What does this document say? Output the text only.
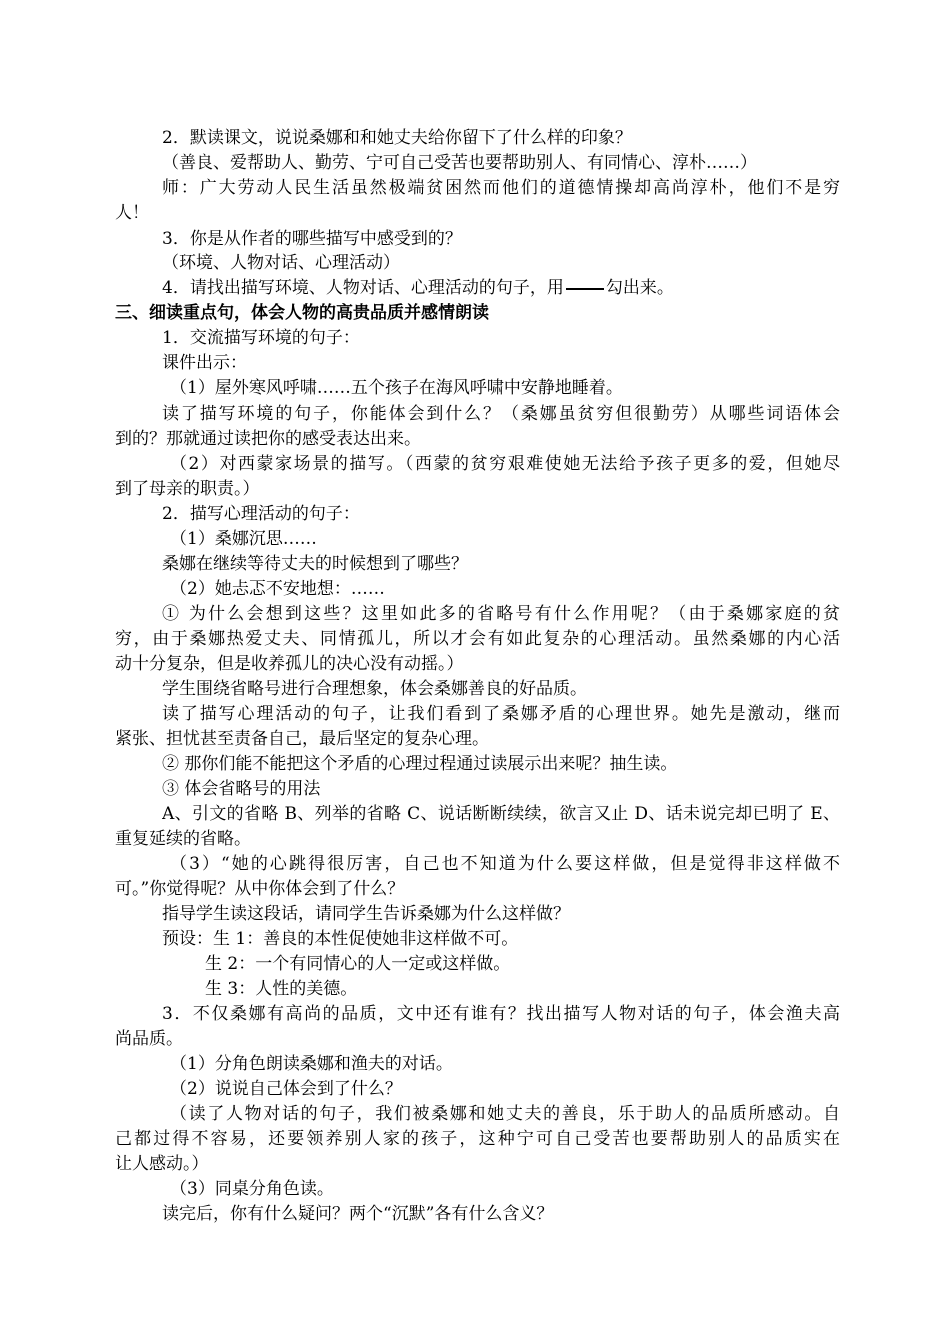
2．默读课文，说说桑娜和和她丈夫给你留下了什么样的印象？
（善良、爱帮助人、勤劳、宁可自己受苦也要帮助别人、有同情心、淳朴……）
师：广大劳动人民生活虽然极端贫困然而他们的道德情操却高尚淳朴，他们不是穷
人！
3．你是从作者的哪些描写中感受到的？
（环境、人物对话、心理活动）
4．请找出描写环境、人物对话、心理活动的句子，用 勾出来。
三、细读重点句，体会人物的高贵品质并感情朗读
1．交流描写环境的句子：
课件出示：
（1）屋外寒风呼啸……五个孩子在海风呼啸中安静地睡着。
读了描写环境的句子，你能体会到什么？（桑娜虽贫穷但很勤劳）从哪些词语体会
到的？那就通过读把你的感受表达出来。
（2）对西蒙家场景的描写。（西蒙的贫穷艰难使她无法给予孩子更多的爱，但她尽
到了母亲的职责。）
2．描写心理活动的句子：
（1）桑娜沉思……
桑娜在继续等待丈夫的时候想到了哪些？
（2）她忐忑不安地想：……
① 为什么会想到这些？这里如此多的省略号有什么作用呢？（由于桑娜家庭的贫
穷，由于桑娜热爱丈夫、同情孤儿，所以才会有如此复杂的心理活动。虽然桑娜的内心活
动十分复杂，但是收养孤儿的决心没有动摇。）
学生围绕省略号进行合理想象，体会桑娜善良的好品质。
读了描写心理活动的句子，让我们看到了桑娜矛盾的心理世界。她先是激动，继而
紧张、担忧甚至责备自己，最后坚定的复杂心理。
② 那你们能不能把这个矛盾的心理过程通过读展示出来呢？抽生读。
③ 体会省略号的用法
A、引文的省略 B、列举的省略 C、说话断断续续，欲言又止 D、话未说完却已明了 E、
重复延续的省略。
（3）“她的心跳得很厉害，自己也不知道为什么要这样做，但是觉得非这样做不
可。”你觉得呢？从中你体会到了什么？
指导学生读这段话，请同学生告诉桑娜为什么这样做？
预设：生 1：善良的本性促使她非这样做不可。
生 2：一个有同情心的人一定或这样做。
生 3：人性的美德。
3．不仅桑娜有高尚的品质，文中还有谁有？找出描写人物对话的句子，体会渔夫高
尚品质。
（1）分角色朗读桑娜和渔夫的对话。
（2）说说自己体会到了什么？
（读了人物对话的句子，我们被桑娜和她丈夫的善良，乐于助人的品质所感动。自
己都过得不容易，还要领养别人家的孩子，这种宁可自己受苦也要帮助别人的品质实在
让人感动。）
（3）同桌分角色读。
读完后，你有什么疑问？两个“沉默”各有什么含义？
